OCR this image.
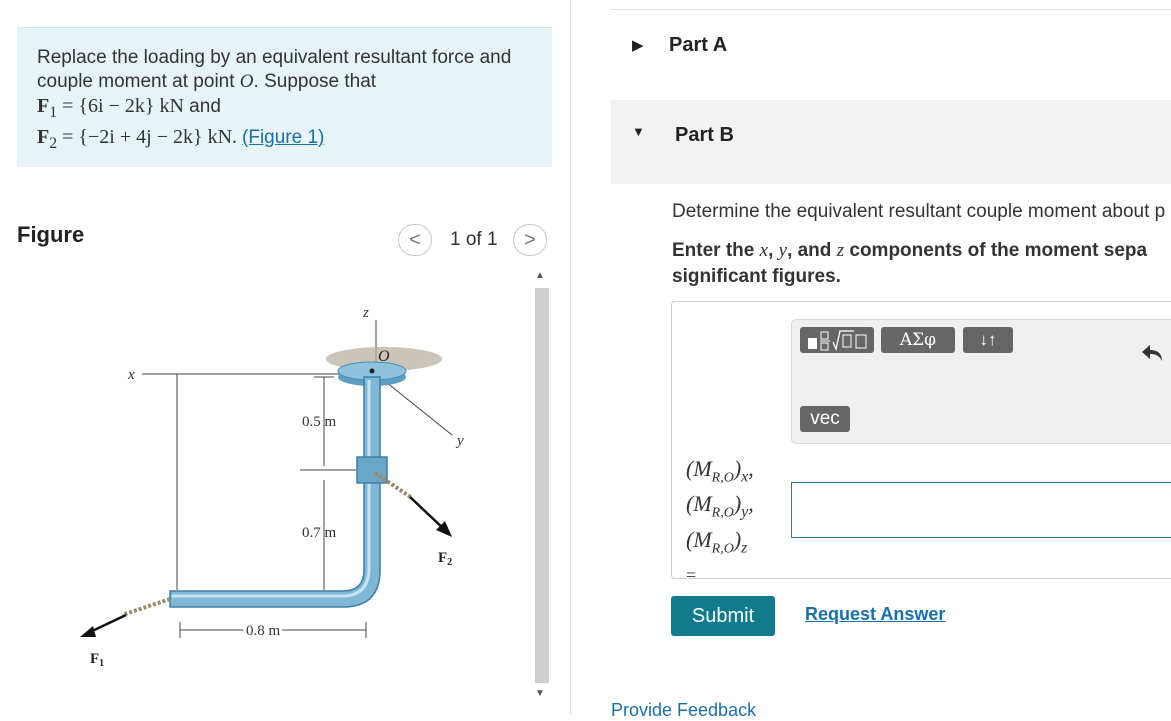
Replace the loading by an equivalent resultant force and
couple moment at point O. Suppose that
$F_1 = \{6i - 2k\}$ kN and
$F_2 = \{-2i + 4j - 2k\}$ kN. (Figure 1)
Figure	< 1 of 1 >
z
x
y
O
0.5 m
0.7 m
0.8 m
$F_2$
$F_1$
▲
▼
▶ Part A
▼ Part B
Determine the equivalent resultant couple moment about p
Enter the x, y, and z components of the moment sepa
significant figures.
ΑΣφ	↓↑
vec
$(M_{R,O})_x$,
$(M_{R,O})_y$,
$(M_{R,O})_z$
=
Submit	Request Answer
Provide Feedback
